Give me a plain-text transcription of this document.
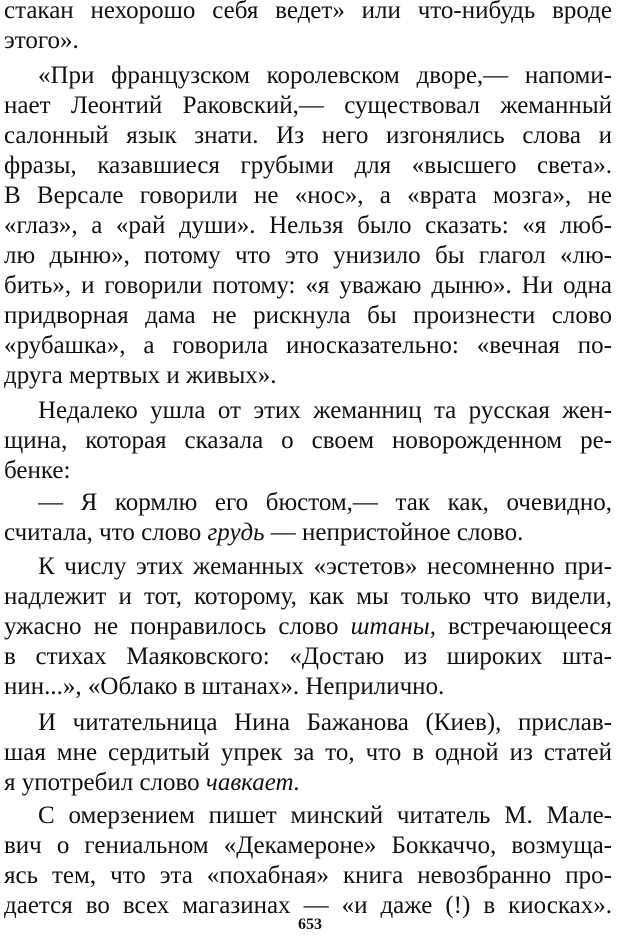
стакан нехорошо себя ведет» или что-нибудь вроде
этого».
«При французском королевском дворе,— напоми-
нает Леонтий Раковский,— существовал жеманный
салонный язык знати. Из него изгонялись слова и
фразы, казавшиеся грубыми для «высшего света».
В Версале говорили не «нос», а «врата мозга», не
«глаз», а «рай души». Нельзя было сказать: «я люб-
лю дыню», потому что это унизило бы глагол «лю-
бить», и говорили потому: «я уважаю дыню». Ни одна
придворная дама не рискнула бы произнести слово
«рубашка», а говорила иносказательно: «вечная по-
друга мертвых и живых».
Недалеко ушла от этих жеманниц та русская жен-
щина, которая сказала о своем новорожденном ре-
бенке:
— Я кормлю его бюстом,— так как, очевидно,
считала, что слово грудь — непристойное слово.
К числу этих жеманных «эстетов» несомненно при-
надлежит и тот, которому, как мы только что видели,
ужасно не понравилось слово штаны, встречающееся
в стихах Маяковского: «Достаю из широких шта-
нин...», «Облако в штанах». Неприлично.
И читательница Нина Бажанова (Киев), прислав-
шая мне сердитый упрек за то, что в одной из статей
я употребил слово чавкает.
С омерзением пишет минский читатель М. Мале-
вич о гениальном «Декамероне» Боккаччо, возмуща-
ясь тем, что эта «похабная» книга невозбранно про-
дается во всех магазинах — «и даже (!) в киосках».
653
